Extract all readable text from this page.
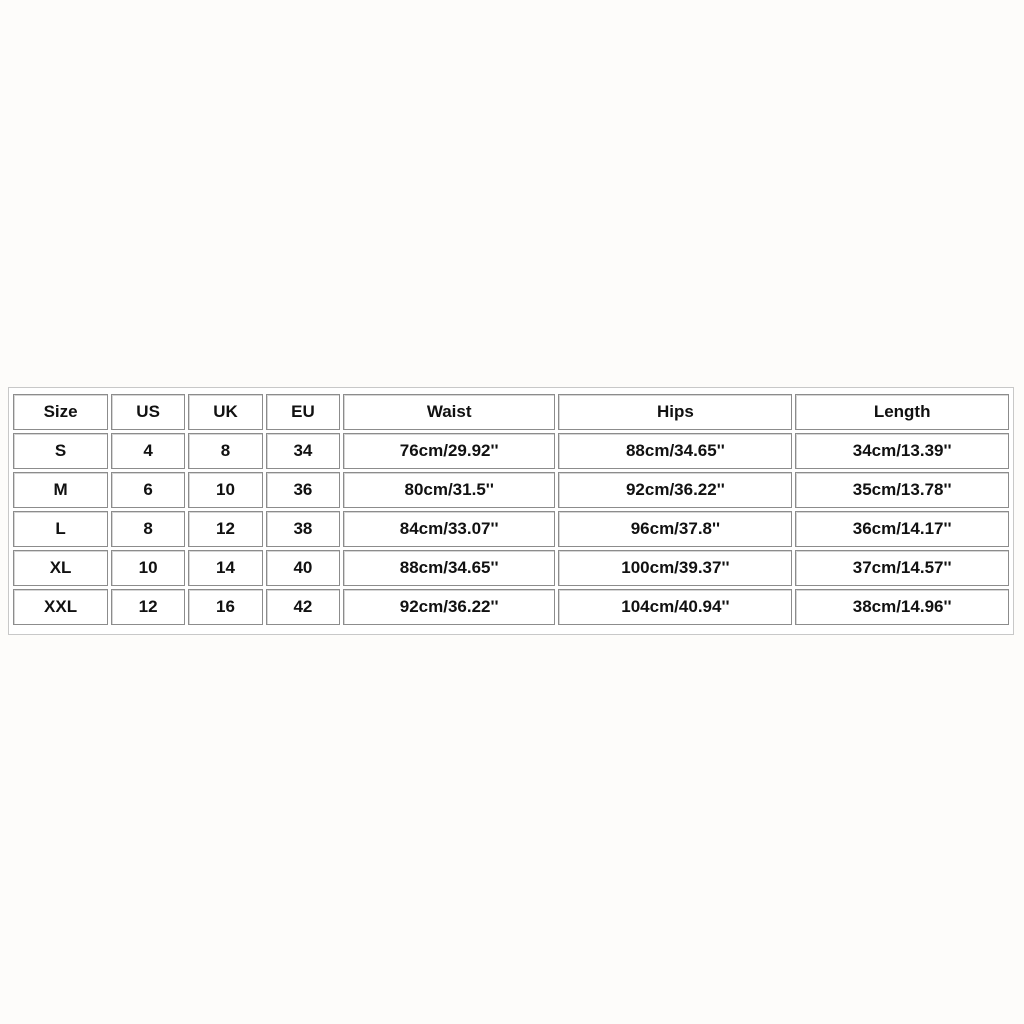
Size	US	UK	EU	Waist	Hips	Length
S	4	8	34	76cm/29.92''	88cm/34.65''	34cm/13.39''
M	6	10	36	80cm/31.5''	92cm/36.22''	35cm/13.78''
L	8	12	38	84cm/33.07''	96cm/37.8''	36cm/14.17''
XL	10	14	40	88cm/34.65''	100cm/39.37''	37cm/14.57''
XXL	12	16	42	92cm/36.22''	104cm/40.94''	38cm/14.96''
